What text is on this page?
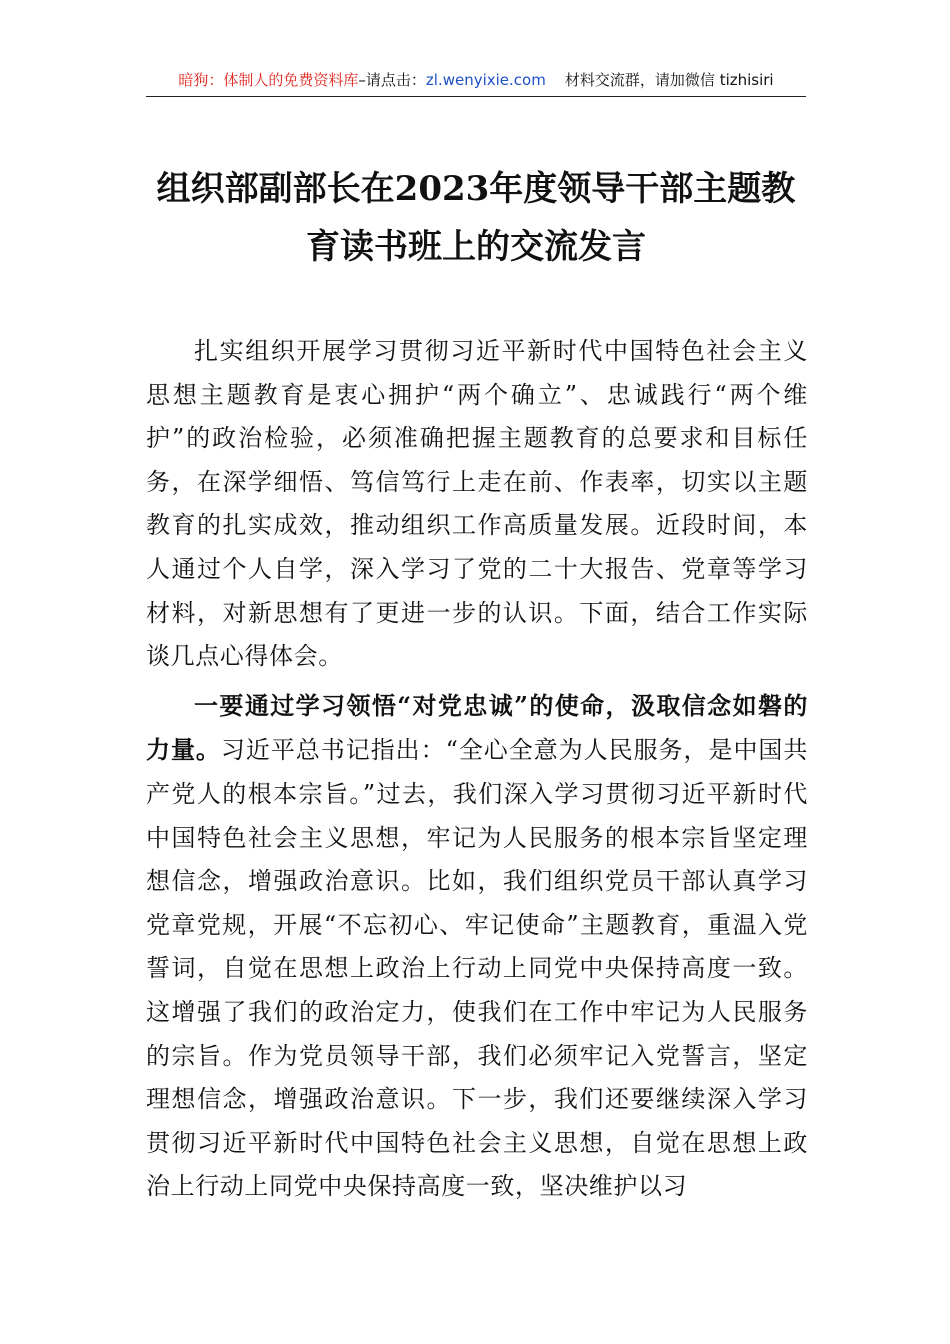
暗狗：体制人的免费资料库–请点击：zl.wenyixie.com 材料交流群，请加微信 tizhisiri
组织部副部长在2023年度领导干部主题教育读书班上的交流发言

扎实组织开展学习贯彻习近平新时代中国特色社会主义思想主题教育是衷心拥护“两个确立”、忠诚践行“两个维护”的政治检验，必须准确把握主题教育的总要求和目标任务，在深学细悟、笃信笃行上走在前、作表率，切实以主题教育的扎实成效，推动组织工作高质量发展。近段时间，本人通过个人自学，深入学习了党的二十大报告、党章等学习材料，对新思想有了更进一步的认识。下面，结合工作实际谈几点心得体会。

一要通过学习领悟“对党忠诚”的使命，汲取信念如磐的力量。习近平总书记指出：“全心全意为人民服务，是中国共产党人的根本宗旨。”过去，我们深入学习贯彻习近平新时代中国特色社会主义思想，牢记为人民服务的根本宗旨坚定理想信念，增强政治意识。比如，我们组织党员干部认真学习党章党规，开展“不忘初心、牢记使命”主题教育，重温入党誓词，自觉在思想上政治上行动上同党中央保持高度一致。这增强了我们的政治定力，使我们在工作中牢记为人民服务的宗旨。作为党员领导干部，我们必须牢记入党誓言，坚定理想信念，增强政治意识。下一步，我们还要继续深入学习贯彻习近平新时代中国特色社会主义思想，自觉在思想上政治上行动上同党中央保持高度一致，坚决维护以习
